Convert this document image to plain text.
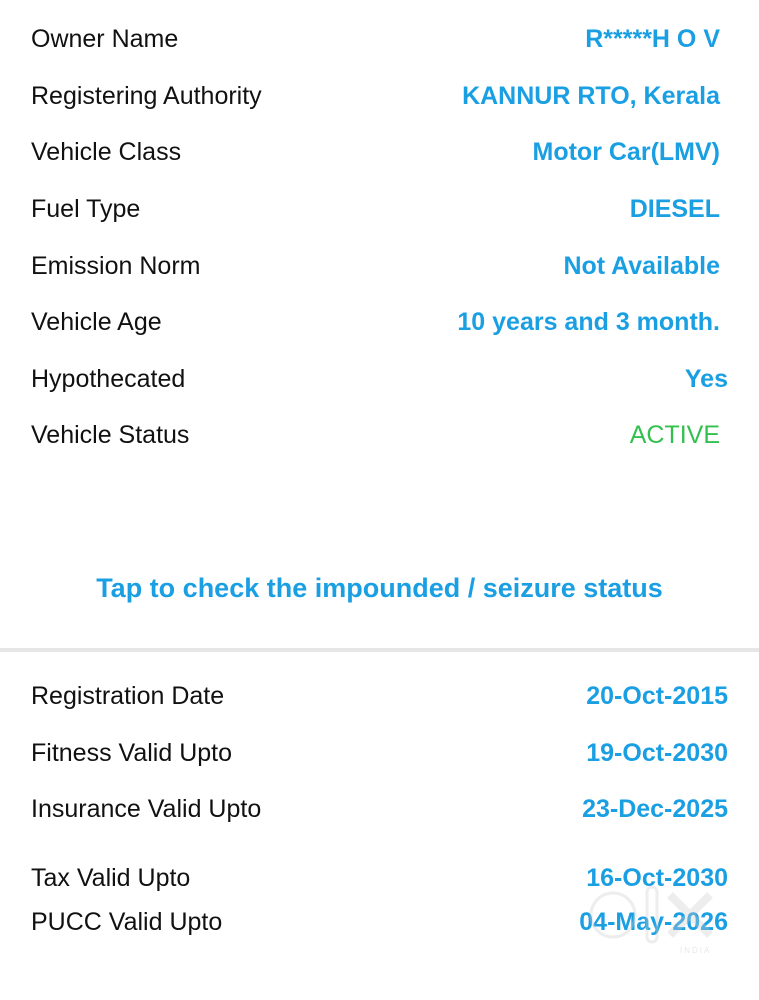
Owner Name	R*****H O V
Registering Authority	KANNUR RTO, Kerala
Vehicle Class	Motor Car(LMV)
Fuel Type	DIESEL
Emission Norm	Not Available
Vehicle Age	10 years and 3 month.
Hypothecated	Yes
Vehicle Status	ACTIVE
Tap to check the impounded / seizure status
Registration Date	20-Oct-2015
Fitness Valid Upto	19-Oct-2030
Insurance Valid Upto	23-Dec-2025
Tax Valid Upto	16-Oct-2030
PUCC Valid Upto	04-May-2026
INDIA
